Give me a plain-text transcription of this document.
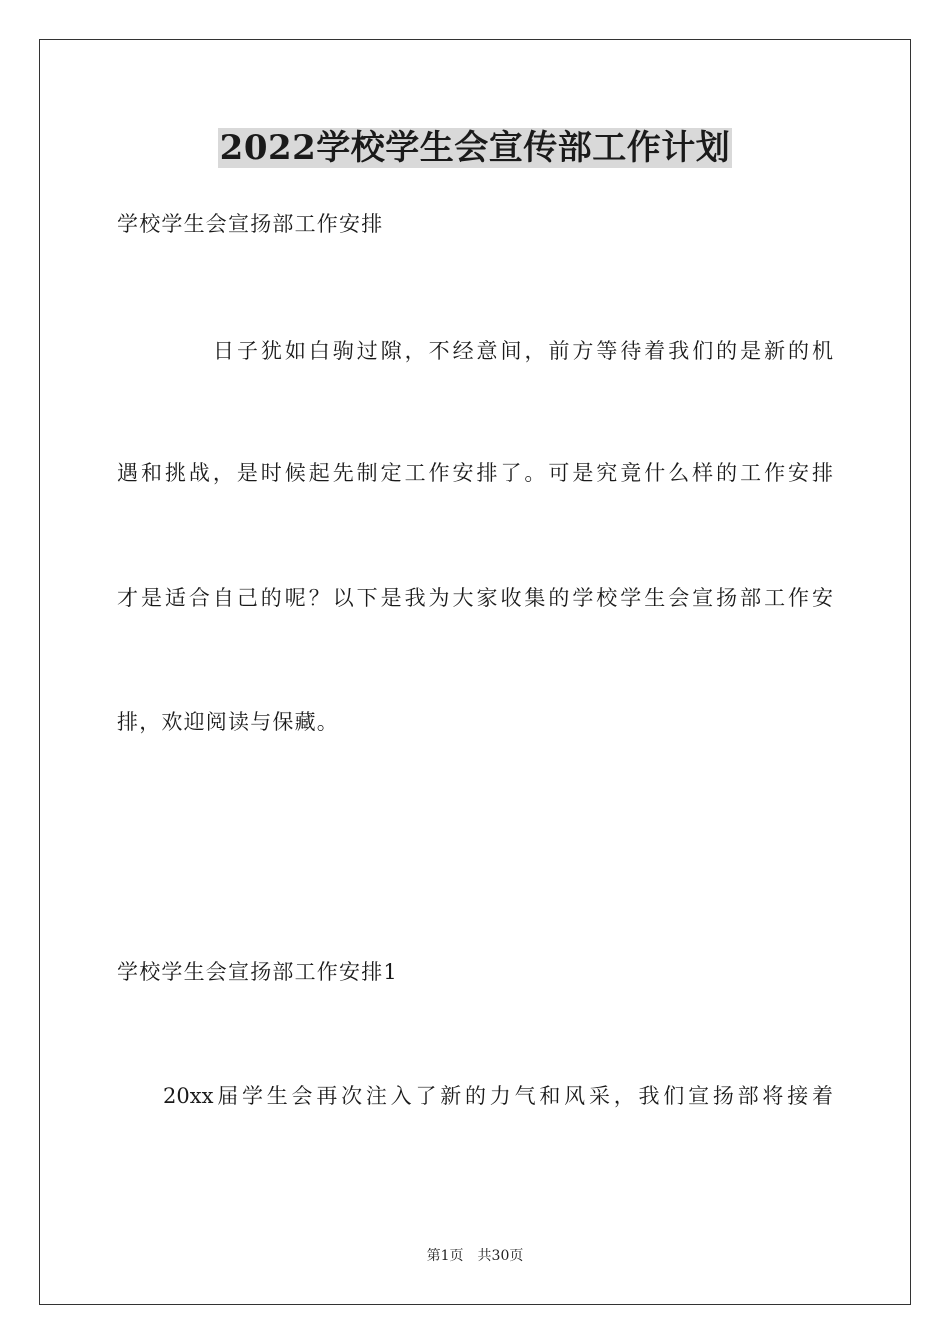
2022学校学生会宣传部工作计划

学校学生会宣扬部工作安排

日子犹如白驹过隙，不经意间，前方等待着我们的是新的机

遇和挑战，是时候起先制定工作安排了。可是究竟什么样的工作安排

才是适合自己的呢？以下是我为大家收集的学校学生会宣扬部工作安

排，欢迎阅读与保藏。

学校学生会宣扬部工作安排1

20xx届学生会再次注入了新的力气和风采，我们宣扬部将接着

第1页　共30页
